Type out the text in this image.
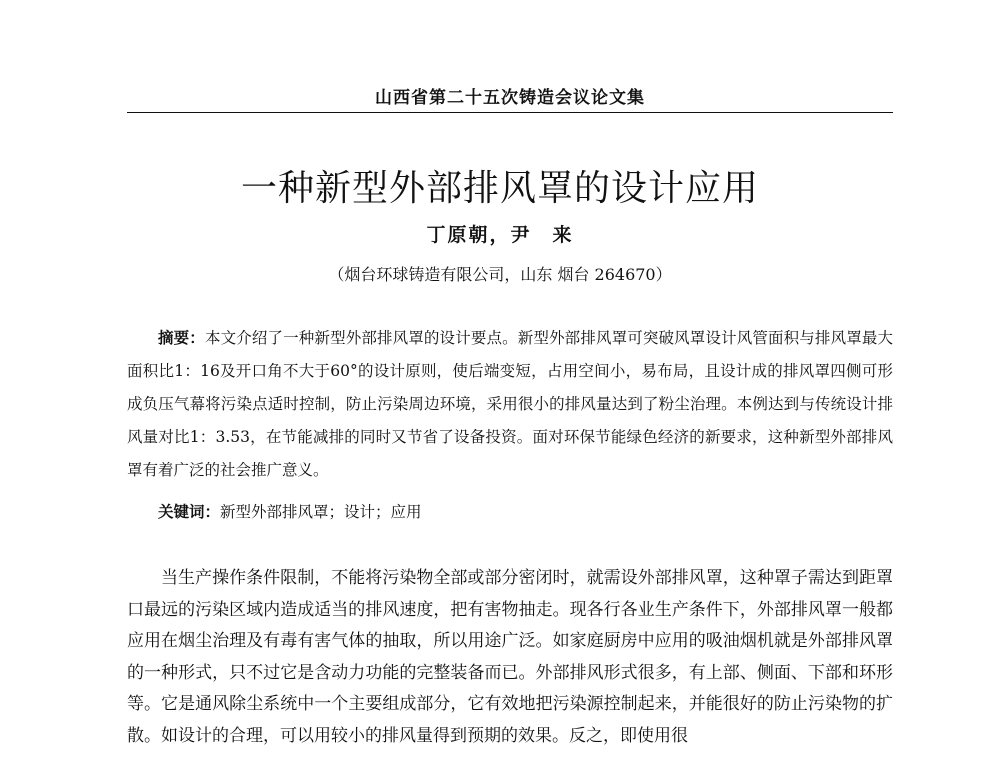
山西省第二十五次铸造会议论文集
一种新型外部排风罩的设计应用
丁原朝，尹　来
（烟台环球铸造有限公司，山东 烟台 264670）

摘要：本文介绍了一种新型外部排风罩的设计要点。新型外部排风罩可突破风罩设计风管面积与排风罩最大面积比1：16及开口角不大于60°的设计原则，使后端变短，占用空间小，易布局，且设计成的排风罩四侧可形成负压气幕将污染点适时控制，防止污染周边环境，采用很小的排风量达到了粉尘治理。本例达到与传统设计排风量对比1：3.53，在节能减排的同时又节省了设备投资。面对环保节能绿色经济的新要求，这种新型外部排风罩有着广泛的社会推广意义。

关键词：新型外部排风罩；设计；应用

当生产操作条件限制，不能将污染物全部或部分密闭时，就需设外部排风罩，这种罩子需达到距罩口最远的污染区域内造成适当的排风速度，把有害物抽走。现各行各业生产条件下，外部排风罩一般都应用在烟尘治理及有毒有害气体的抽取，所以用途广泛。如家庭厨房中应用的吸油烟机就是外部排风罩的一种形式，只不过它是含动力功能的完整装备而已。外部排风形式很多，有上部、侧面、下部和环形等。它是通风除尘系统中一个主要组成部分，它有效地把污染源控制起来，并能很好的防止污染物的扩散。如设计的合理，可以用较小的排风量得到预期的效果。反之，即使用很
